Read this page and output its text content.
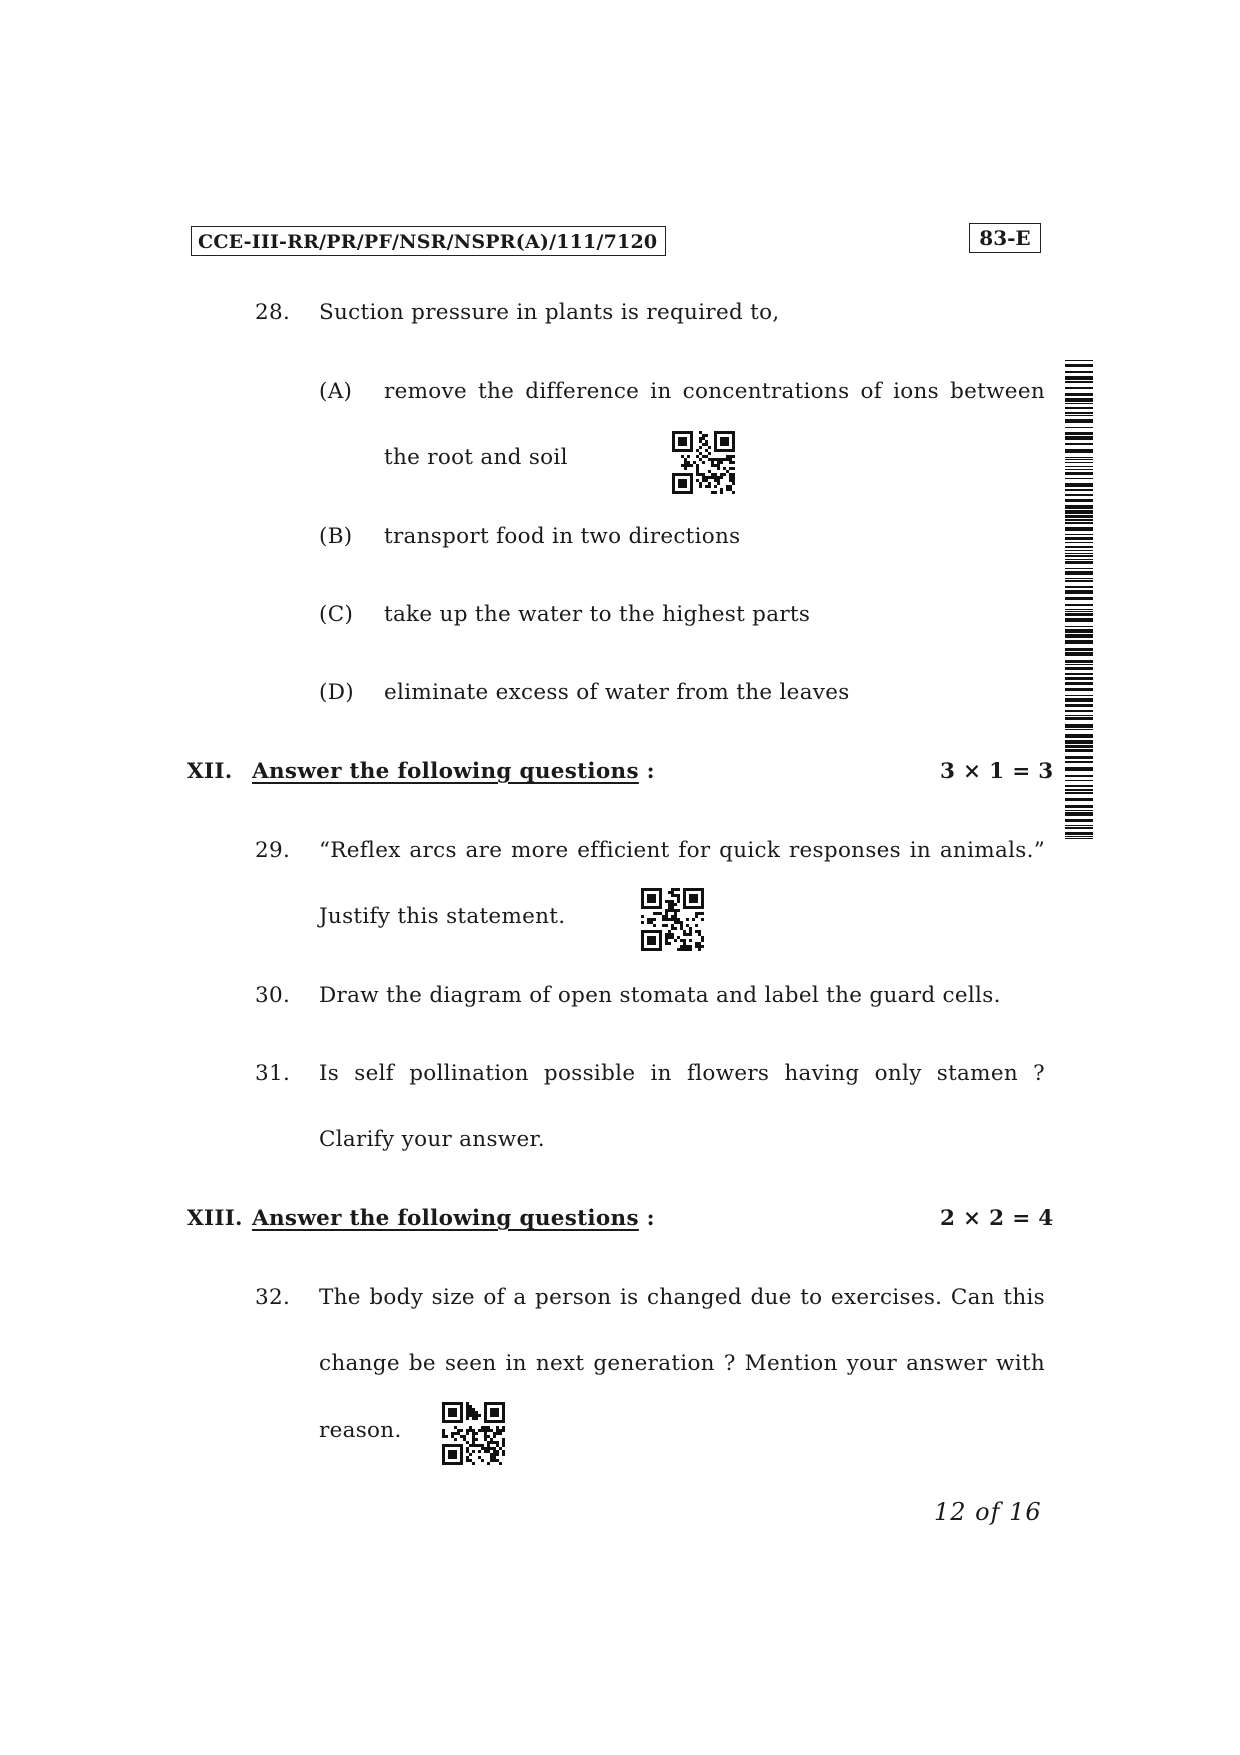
CCE-III-RR/PR/PF/NSR/NSPR(A)/111/7120	83-E
28. Suction pressure in plants is required to,
(A) remove the difference in concentrations of ions between
the root and soil
(B) transport food in two directions
(C) take up the water to the highest parts
(D) eliminate excess of water from the leaves
XII. Answer the following questions :	3 × 1 = 3
29. “Reflex arcs are more efficient for quick responses in animals.”
Justify this statement.
30. Draw the diagram of open stomata and label the guard cells.
31. Is self pollination possible in flowers having only stamen ?
Clarify your answer.
XIII. Answer the following questions :	2 × 2 = 4
32. The body size of a person is changed due to exercises. Can this
change be seen in next generation ? Mention your answer with
reason.
12 of 16
